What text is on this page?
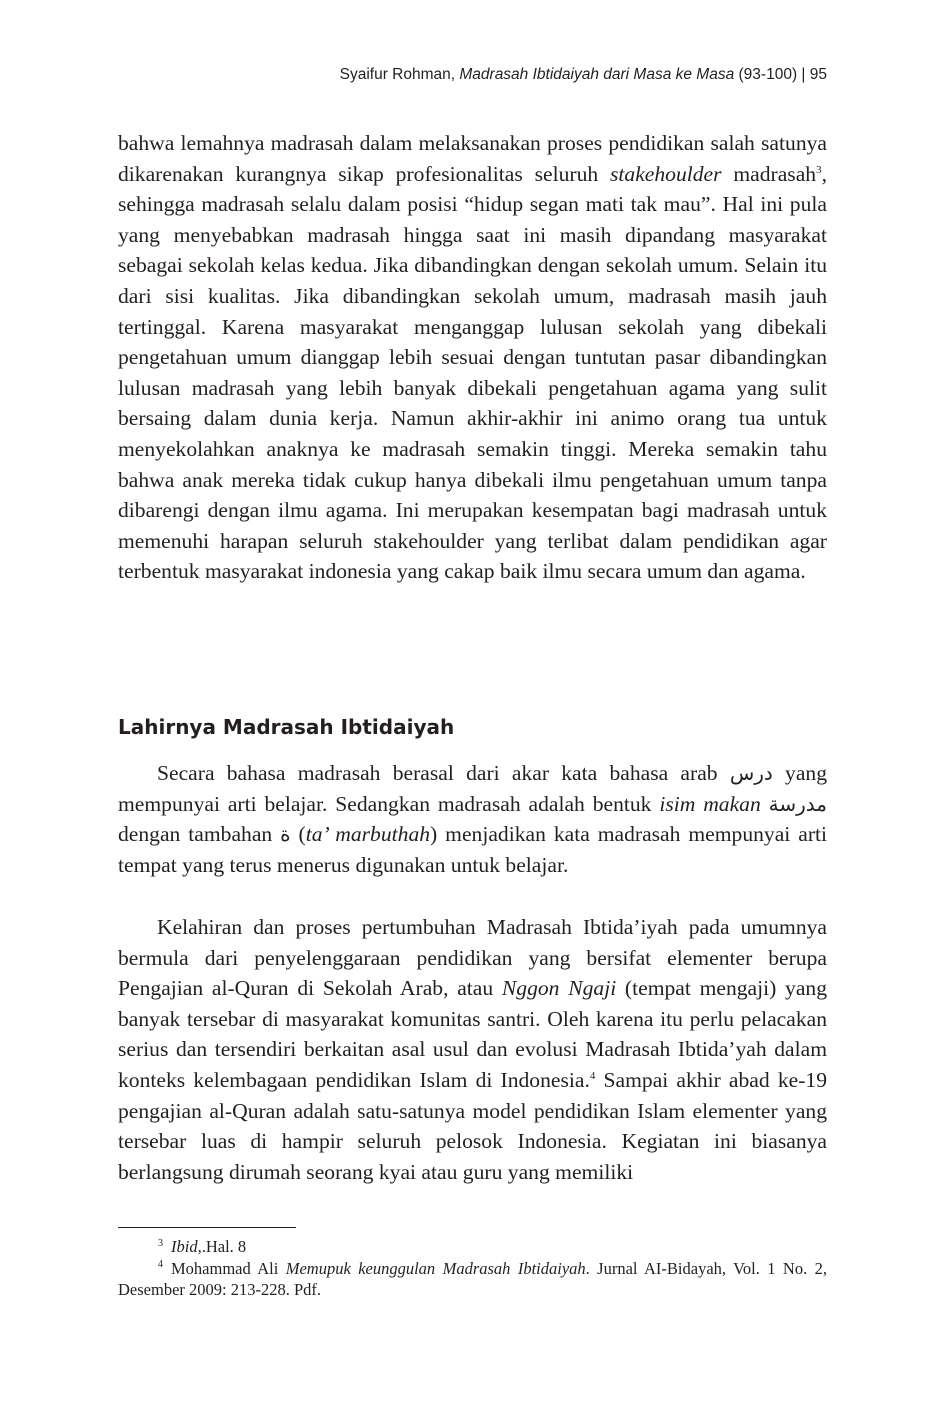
Syaifur Rohman, Madrasah Ibtidaiyah dari Masa ke Masa (93-100) | 95

bahwa lemahnya madrasah dalam melaksanakan proses pendidikan salah satunya dikarenakan kurangnya sikap profesionalitas seluruh stakehoulder madrasah$^3$, sehingga madrasah selalu dalam posisi “hidup segan mati tak mau”. Hal ini pula yang menyebabkan madrasah hingga saat ini masih dipandang masyarakat sebagai sekolah kelas kedua. Jika dibandingkan dengan sekolah umum. Selain itu dari sisi kualitas. Jika dibandingkan sekolah umum, madrasah masih jauh tertinggal. Karena masyarakat menganggap lulusan sekolah yang dibekali pengetahuan umum dianggap lebih sesuai dengan tuntutan pasar dibandingkan lulusan madrasah yang lebih banyak dibekali pengetahuan agama yang sulit bersaing dalam dunia kerja. Namun akhir-akhir ini animo orang tua untuk menyekolahkan anaknya ke madrasah semakin tinggi. Mereka semakin tahu bahwa anak mereka tidak cukup hanya dibekali ilmu pengetahuan umum tanpa dibarengi dengan ilmu agama. Ini merupakan kesempatan bagi madrasah untuk memenuhi harapan seluruh stakehoulder yang terlibat dalam pendidikan agar terbentuk masyarakat indonesia yang cakap baik ilmu secara umum dan agama.

Lahirnya Madrasah Ibtidaiyah

Secara bahasa madrasah berasal dari akar kata bahasa arab درس yang mempunyai arti belajar. Sedangkan madrasah adalah bentuk isim makan مدرسة dengan tambahan ة (ta’ marbuthah) menjadikan kata madrasah mempunyai arti tempat yang terus menerus digunakan untuk belajar.

Kelahiran dan proses pertumbuhan Madrasah Ibtida’iyah pada umumnya bermula dari penyelenggaraan pendidikan yang bersifat elementer berupa Pengajian al-Quran di Sekolah Arab, atau Nggon Ngaji (tempat mengaji) yang banyak tersebar di masyarakat komunitas santri. Oleh karena itu perlu pelacakan serius dan tersendiri berkaitan asal usul dan evolusi Madrasah Ibtida’yah dalam konteks kelembagaan pendidikan Islam di Indonesia.$^4$ Sampai akhir abad ke-19 pengajian al-Quran adalah satu-satunya model pendidikan Islam elementer yang tersebar luas di hampir seluruh pelosok Indonesia. Kegiatan ini biasanya berlangsung dirumah seorang kyai atau guru yang memiliki

$^3$ Ibid,.Hal. 8

$^4$ Mohammad Ali Memupuk keunggulan Madrasah Ibtidaiyah. Jurnal AI-Bidayah, Vol. 1 No. 2, Desember 2009: 213-228. Pdf.
